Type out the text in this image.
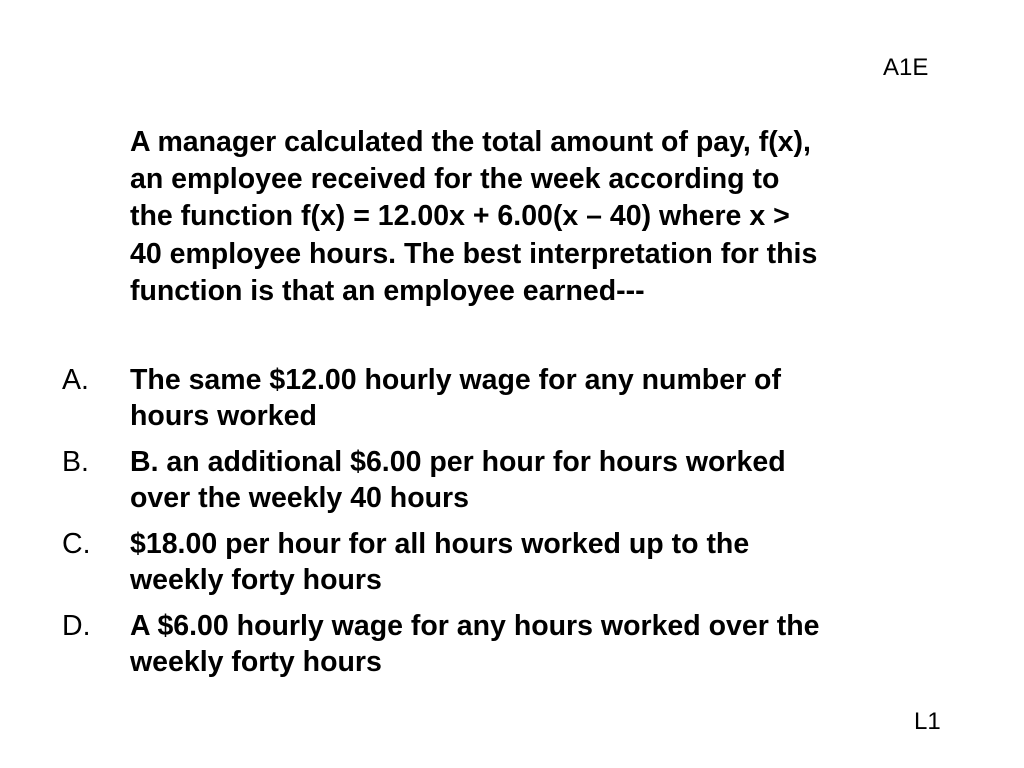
A1E

A manager calculated the total amount of pay, f(x),
an employee received for the week according to
the function f(x) = 12.00x + 6.00(x – 40) where x >
40 employee hours. The best interpretation for this
function is that an employee earned---

A. The same $12.00 hourly wage for any number of
hours worked
B. B. an additional $6.00 per hour for hours worked
over the weekly 40 hours
C. $18.00 per hour for all hours worked up to the
weekly forty hours
D. A $6.00 hourly wage for any hours worked over the
weekly forty hours
L1
